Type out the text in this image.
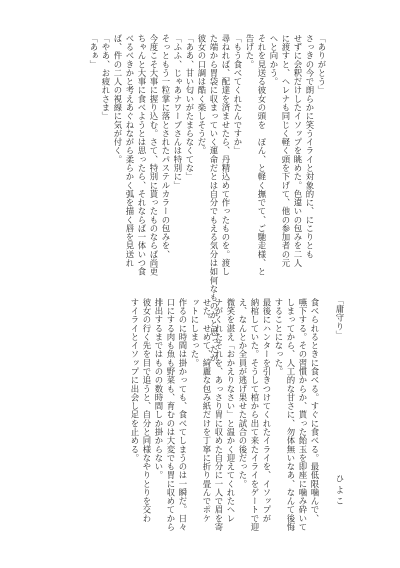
「ありがとう」
さっきの今で朗らかに笑うイライと対象的に、にこりとも
せずに会釈だけしたイソップを眺めた。色違いの包みを二人
に渡すと、ヘレナも同じく軽く頭を下げて、他の参加者の元
へと向かう。
それを見送る彼女の頭を　ぽん、と軽く撫でて、ご馳走様、と
告げた。
「もう食べてくれたんですか」
尋ねれば、配達を済ませたら、丹精込めて作ったものを。渡し
た端から胃袋に収まっていく運命だとは自分でもえる気分は如何なものかと思ったが、
彼女の口調は酷く楽しそうだ。
「ああ、甘い匂いがたまらなくてな」
「ふふ、じゃあナワーブさんは特別に」
そっともう一粒掌に落とされたパステルカラーの包みを、
今度こそ大事に握り込む。さて、特別に貰ったものならば尚更
ちゃんと大事に食べようとは思ったら、それならば一体いつ食
べるべきかと考えあぐねながら柔らかく弧を描く唇を見送れ
ば、件の二人の視線に気が付く。
「やあ、お疲れさま」
「あぁ」
「庸守り」
ひよこ
食べられるときに食べる。すぐに食べる。最低限噛んで、
嚥下する。その習慣からか、貰った飴玉を即座に噛み砕いて
しまってから、人工的な甘さに、勿体無いなあ、なんて後悔
することになった。
最後にハンターを引きつけてくれたイライを、イソップが
納棺していた。そうして棺から出て来たイライをゲートで迎
え、なんとか全員が逃げ果せた試合の後だった。
微笑を湛え「おかえりなさい」と温かく迎えてくれたヘレ
ナがくれたそれを、あっさり胃に収めた自分に一人で眉を寄
せた。せめて、綺麗な包み紙だけを丁寧に折り畳んでポケ
ットにしまった。
作るのに時間は掛かっても、食べてしまうのは一瞬だ。日々
口にする肉も魚も野菜も、育むのは大変でも胃に収めてから
排出するまではものの数時間しか掛からない。
彼女の行く先を目で追うと、自分と同様なやりとりを交わ
すイライとイソップに出会し足を止める。
